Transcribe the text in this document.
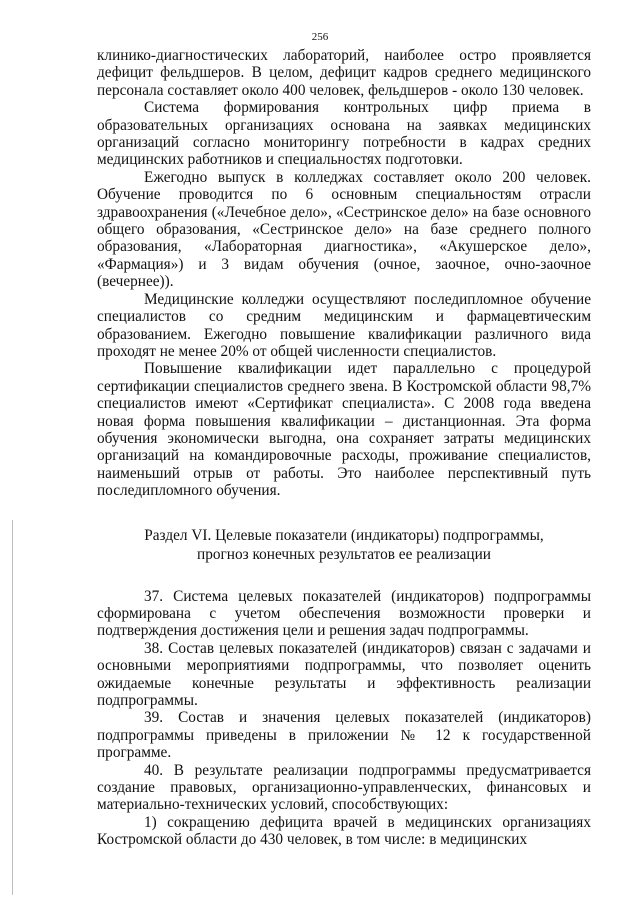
256

клинико-диагностических лабораторий, наиболее остро проявляется дефицит фельдшеров. В целом, дефицит кадров среднего медицинского персонала составляет около 400 человек, фельдшеров - около 130 человек.

Система формирования контрольных цифр приема в образовательных организациях основана на заявках медицинских организаций согласно мониторингу потребности в кадрах средних медицинских работников и специальностях подготовки.

Ежегодно выпуск в колледжах составляет около 200 человек. Обучение проводится по 6 основным специальностям отрасли здравоохранения («Лечебное дело», «Сестринское дело» на базе основного общего образования, «Сестринское дело» на базе среднего полного образования, «Лабораторная диагностика», «Акушерское дело», «Фармация») и 3 видам обучения (очное, заочное, очно-заочное (вечернее)).

Медицинские колледжи осуществляют последипломное обучение специалистов со средним медицинским и фармацевтическим образованием. Ежегодно повышение квалификации различного вида проходят не менее 20% от общей численности специалистов.

Повышение квалификации идет параллельно с процедурой сертификации специалистов среднего звена. В Костромской области 98,7% специалистов имеют «Сертификат специалиста». С 2008 года введена новая форма повышения квалификации – дистанционная. Эта форма обучения экономически выгодна, она сохраняет затраты медицинских организаций на командировочные расходы, проживание специалистов, наименьший отрыв от работы. Это наиболее перспективный путь последипломного обучения.

Раздел VI. Целевые показатели (индикаторы) подпрограммы,
прогноз конечных результатов ее реализации

37. Система целевых показателей (индикаторов) подпрограммы сформирована с учетом обеспечения возможности проверки и подтверждения достижения цели и решения задач подпрограммы.

38. Состав целевых показателей (индикаторов) связан с задачами и основными мероприятиями подпрограммы, что позволяет оценить ожидаемые конечные результаты и эффективность реализации подпрограммы.

39. Состав и значения целевых показателей (индикаторов) подпрограммы приведены в приложении № 12 к государственной программе.

40. В результате реализации подпрограммы предусматривается создание правовых, организационно-управленческих, финансовых и материально-технических условий, способствующих:

1) сокращению дефицита врачей в медицинских организациях Костромской области до 430 человек, в том числе: в медицинских
